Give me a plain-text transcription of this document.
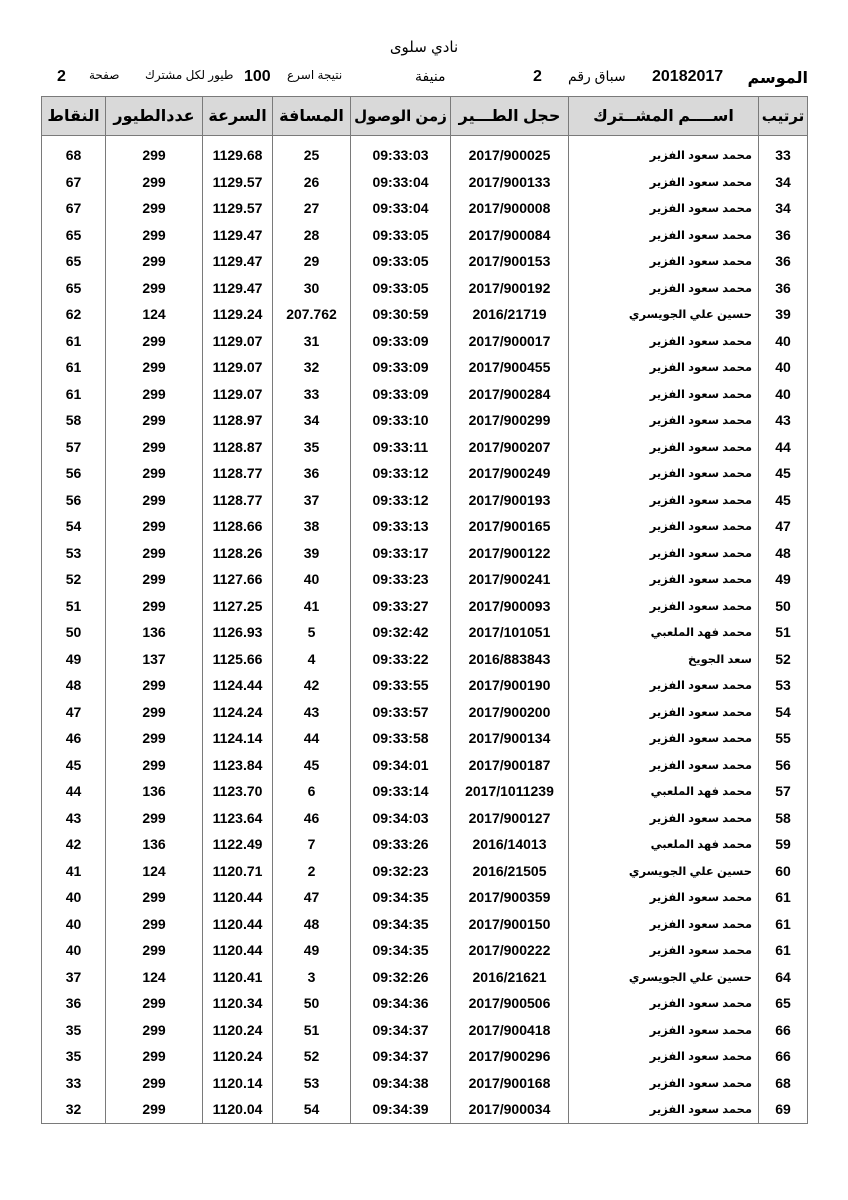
نادي سلوى
الموسم
20182017
سباق رقم
2
منيفة
نتيجة اسرع
100
طيور لكل مشترك
صفحة
2
ترتيب	اســــم المشــترك	حجل الطـــير	زمن الوصول	المسافة	السرعة	عددالطيور	النقاط

33	محمد سعود الفزير	2017/900025	09:33:03	25	1129.68	299	68
34	محمد سعود الفزير	2017/900133	09:33:04	26	1129.57	299	67
34	محمد سعود الفزير	2017/900008	09:33:04	27	1129.57	299	67
36	محمد سعود الفزير	2017/900084	09:33:05	28	1129.47	299	65
36	محمد سعود الفزير	2017/900153	09:33:05	29	1129.47	299	65
36	محمد سعود الفزير	2017/900192	09:33:05	30	1129.47	299	65
39	حسين علي الجويسري	2016/21719	09:30:59	207.762	1129.24	124	62
40	محمد سعود الفزير	2017/900017	09:33:09	31	1129.07	299	61
40	محمد سعود الفزير	2017/900455	09:33:09	32	1129.07	299	61
40	محمد سعود الفزير	2017/900284	09:33:09	33	1129.07	299	61
43	محمد سعود الفزير	2017/900299	09:33:10	34	1128.97	299	58
44	محمد سعود الفزير	2017/900207	09:33:11	35	1128.87	299	57
45	محمد سعود الفزير	2017/900249	09:33:12	36	1128.77	299	56
45	محمد سعود الفزير	2017/900193	09:33:12	37	1128.77	299	56
47	محمد سعود الفزير	2017/900165	09:33:13	38	1128.66	299	54
48	محمد سعود الفزير	2017/900122	09:33:17	39	1128.26	299	53
49	محمد سعود الفزير	2017/900241	09:33:23	40	1127.66	299	52
50	محمد سعود الفزير	2017/900093	09:33:27	41	1127.25	299	51
51	محمد فهد الملعبي	2017/101051	09:32:42	5	1126.93	136	50
52	سعد الجويخ	2016/883843	09:33:22	4	1125.66	137	49
53	محمد سعود الفزير	2017/900190	09:33:55	42	1124.44	299	48
54	محمد سعود الفزير	2017/900200	09:33:57	43	1124.24	299	47
55	محمد سعود الفزير	2017/900134	09:33:58	44	1124.14	299	46
56	محمد سعود الفزير	2017/900187	09:34:01	45	1123.84	299	45
57	محمد فهد الملعبي	2017/1011239	09:33:14	6	1123.70	136	44
58	محمد سعود الفزير	2017/900127	09:34:03	46	1123.64	299	43
59	محمد فهد الملعبي	2016/14013	09:33:26	7	1122.49	136	42
60	حسين علي الجويسري	2016/21505	09:32:23	2	1120.71	124	41
61	محمد سعود الفزير	2017/900359	09:34:35	47	1120.44	299	40
61	محمد سعود الفزير	2017/900150	09:34:35	48	1120.44	299	40
61	محمد سعود الفزير	2017/900222	09:34:35	49	1120.44	299	40
64	حسين علي الجويسري	2016/21621	09:32:26	3	1120.41	124	37
65	محمد سعود الفزير	2017/900506	09:34:36	50	1120.34	299	36
66	محمد سعود الفزير	2017/900418	09:34:37	51	1120.24	299	35
66	محمد سعود الفزير	2017/900296	09:34:37	52	1120.24	299	35
68	محمد سعود الفزير	2017/900168	09:34:38	53	1120.14	299	33
69	محمد سعود الفزير	2017/900034	09:34:39	54	1120.04	299	32
